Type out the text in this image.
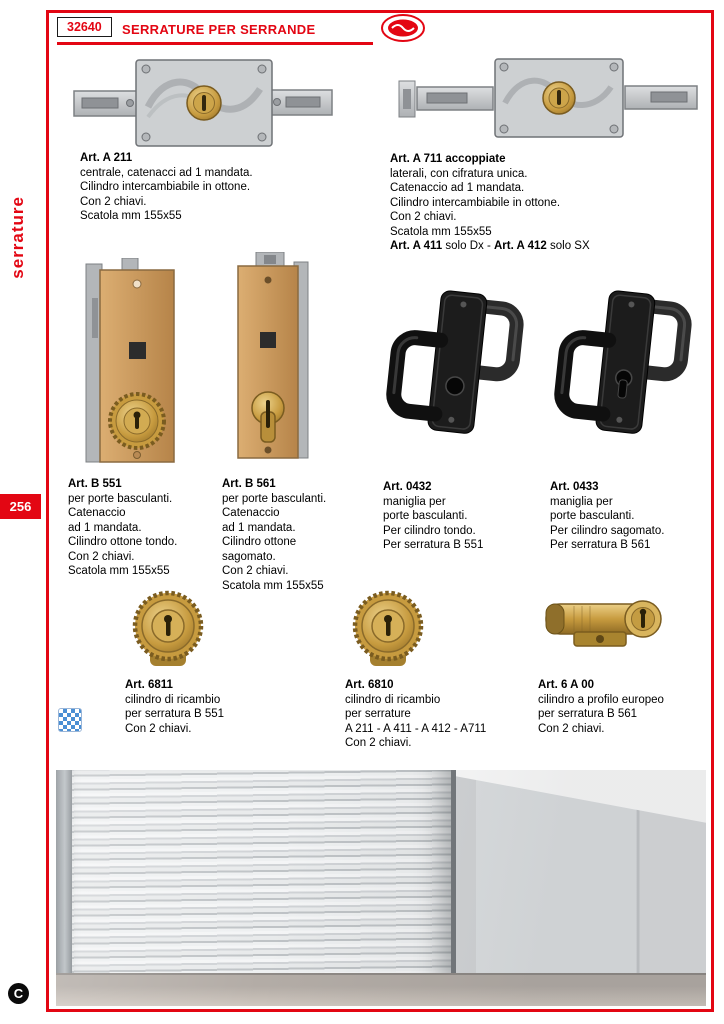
32640	SERRATURE PER SERRANDE
serrature
256
Art. A 211
centrale, catenacci ad 1 mandata.
Cilindro intercambiabile in ottone.
Con 2 chiavi.
Scatola mm 155x55
Art. A 711 accoppiate
laterali, con cifratura unica.
Catenaccio ad 1 mandata.
Cilindro intercambiabile in ottone.
Con 2 chiavi.
Scatola mm 155x55
Art. A 411 solo Dx - Art. A 412 solo SX
Art. B 551
per porte basculanti.
Catenaccio
ad 1 mandata.
Cilindro ottone tondo.
Con 2 chiavi.
Scatola mm 155x55
Art. B 561
per porte basculanti.
Catenaccio
ad 1 mandata.
Cilindro ottone
sagomato.
Con 2 chiavi.
Scatola mm 155x55
Art. 0432
maniglia per
porte basculanti.
Per cilindro tondo.
Per serratura B 551
Art. 0433
maniglia per
porte basculanti.
Per cilindro sagomato.
Per serratura B 561
Art. 6811
cilindro di ricambio
per serratura B 551
Con 2 chiavi.
Art. 6810
cilindro di ricambio
per serrature
A 211 - A 411 - A 412 - A711
Con 2 chiavi.
Art. 6 A 00
cilindro a profilo europeo
per serratura B 561
Con 2 chiavi.
C
